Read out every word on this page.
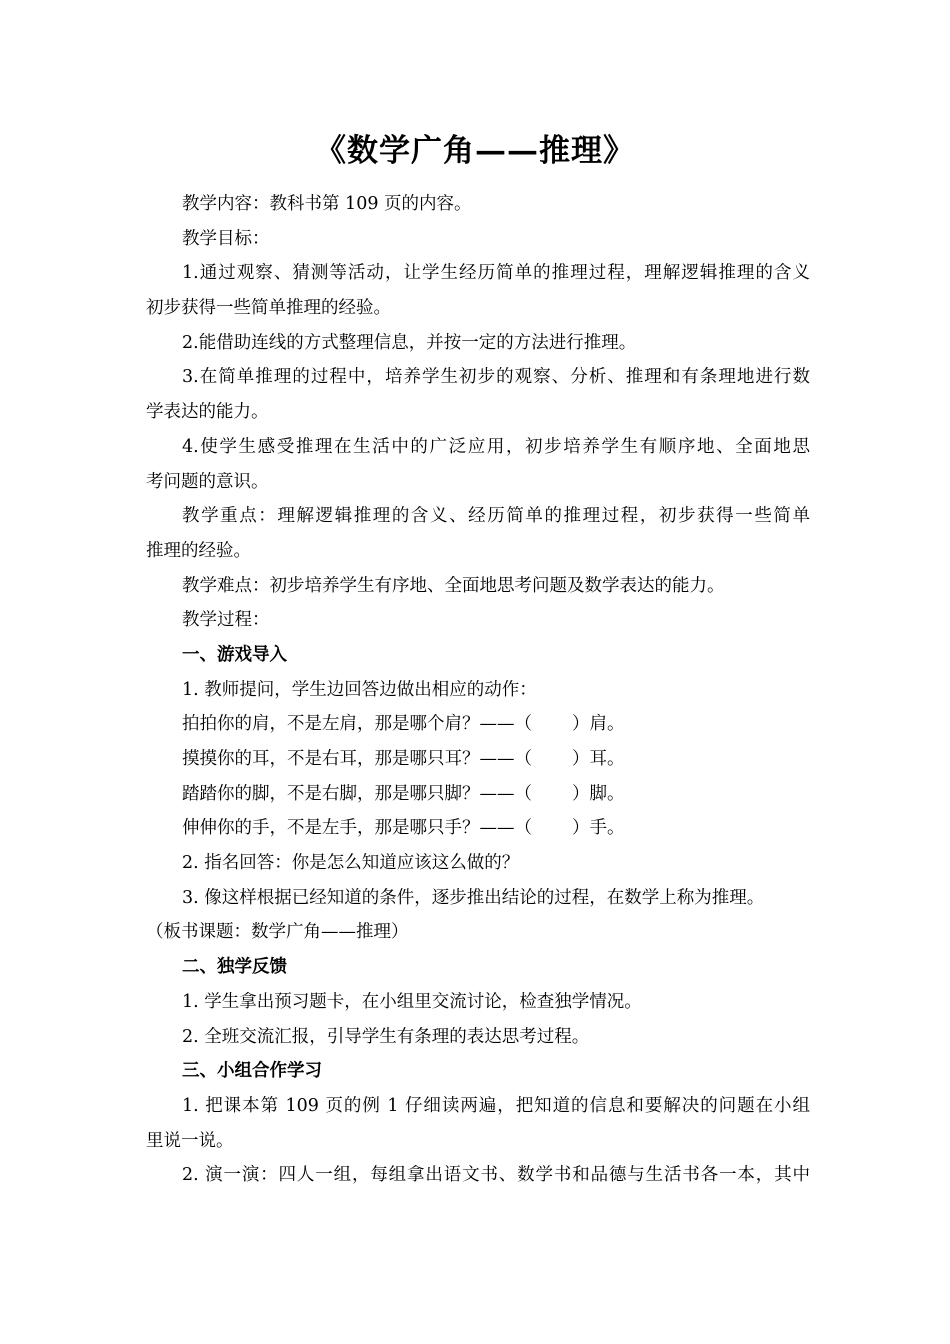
《数学广角——推理》
教学内容：教科书第 109 页的内容。
教学目标：
1.通过观察、猜测等活动，让学生经历简单的推理过程，理解逻辑推理的含义
初步获得一些简单推理的经验。
2.能借助连线的方式整理信息，并按一定的方法进行推理。
3.在简单推理的过程中，培养学生初步的观察、分析、推理和有条理地进行数
学表达的能力。
4.使学生感受推理在生活中的广泛应用，初步培养学生有顺序地、全面地思
考问题的意识。
教学重点：理解逻辑推理的含义、经历简单的推理过程，初步获得一些简单
推理的经验。
教学难点：初步培养学生有序地、全面地思考问题及数学表达的能力。
教学过程：
一、游戏导入
1. 教师提问，学生边回答边做出相应的动作：
拍拍你的肩，不是左肩，那是哪个肩？——（ ）肩。
摸摸你的耳，不是右耳，那是哪只耳？——（ ）耳。
踏踏你的脚，不是右脚，那是哪只脚？——（ ）脚。
伸伸你的手，不是左手，那是哪只手？——（ ）手。
2. 指名回答：你是怎么知道应该这么做的？
3. 像这样根据已经知道的条件，逐步推出结论的过程，在数学上称为推理。
（板书课题：数学广角——推理）
二、独学反馈
1. 学生拿出预习题卡，在小组里交流讨论，检查独学情况。
2. 全班交流汇报，引导学生有条理的表达思考过程。
三、小组合作学习
1. 把课本第 109 页的例 1 仔细读两遍，把知道的信息和要解决的问题在小组
里说一说。
2. 演一演：四人一组，每组拿出语文书、数学书和品德与生活书各一本，其中
